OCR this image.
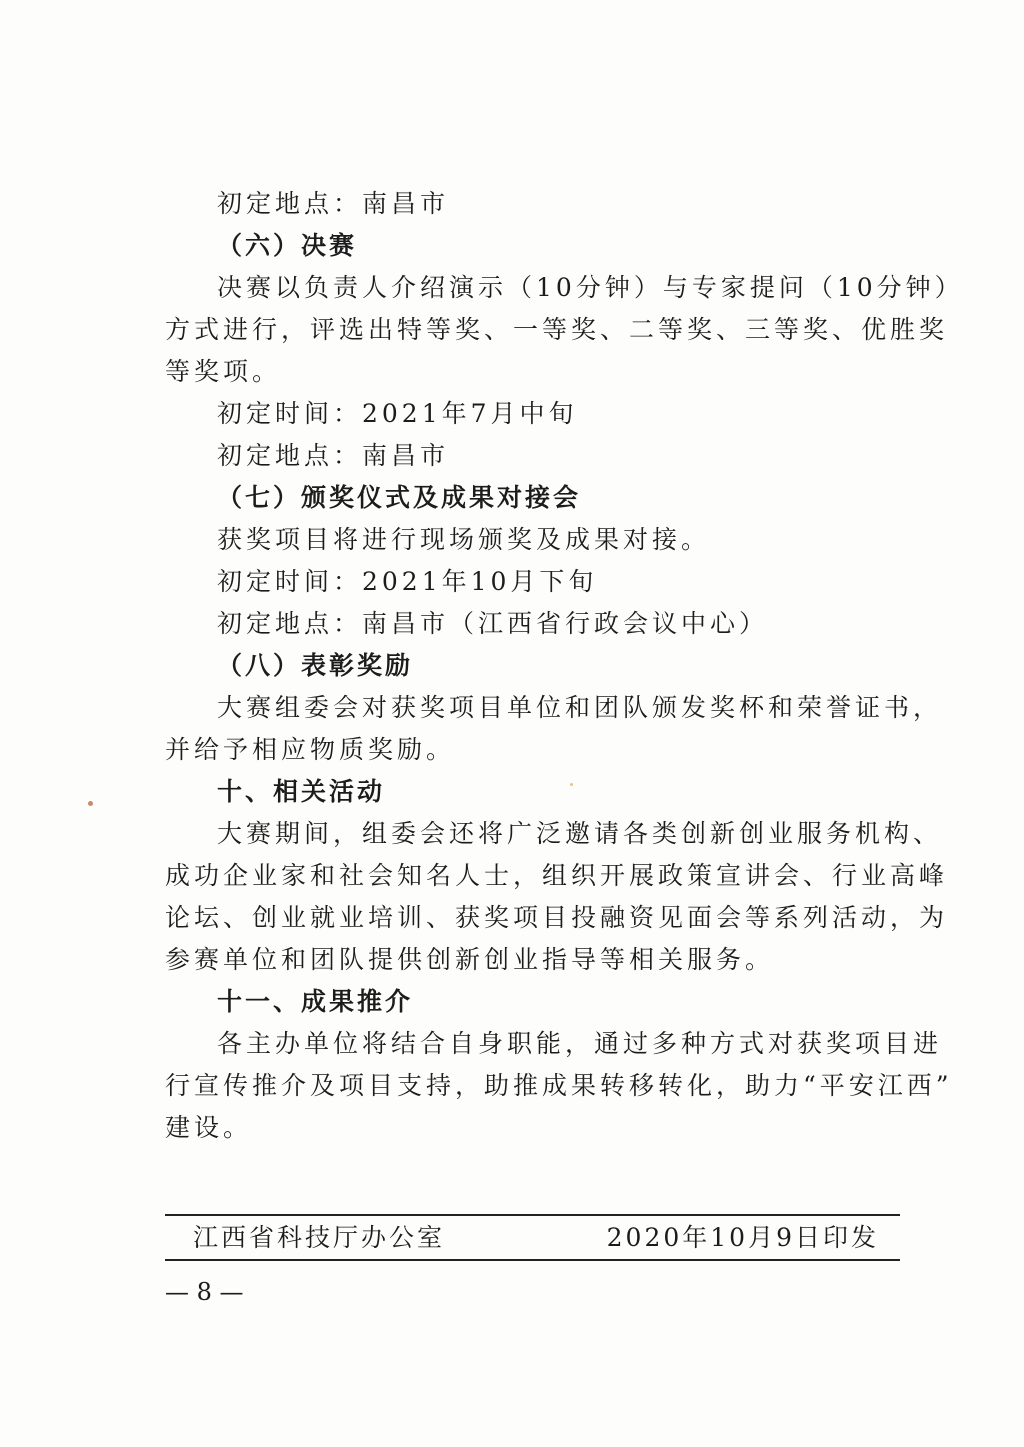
初定地点：南昌市

（六）决赛

决赛以负责人介绍演示（10分钟）与专家提问（10分钟）

方式进行，评选出特等奖、一等奖、二等奖、三等奖、优胜奖

等奖项。

初定时间：2021年7月中旬

初定地点：南昌市

（七）颁奖仪式及成果对接会

获奖项目将进行现场颁奖及成果对接。

初定时间：2021年10月下旬

初定地点：南昌市（江西省行政会议中心）

（八）表彰奖励

大赛组委会对获奖项目单位和团队颁发奖杯和荣誉证书，

并给予相应物质奖励。

十、相关活动

大赛期间，组委会还将广泛邀请各类创新创业服务机构、

成功企业家和社会知名人士，组织开展政策宣讲会、行业高峰

论坛、创业就业培训、获奖项目投融资见面会等系列活动，为

参赛单位和团队提供创新创业指导等相关服务。

十一、成果推介

各主办单位将结合自身职能，通过多种方式对获奖项目进

行宣传推介及项目支持，助推成果转移转化，助力“平安江西”

建设。

江西省科技厅办公室	2020年10月9日印发
— 8 —
